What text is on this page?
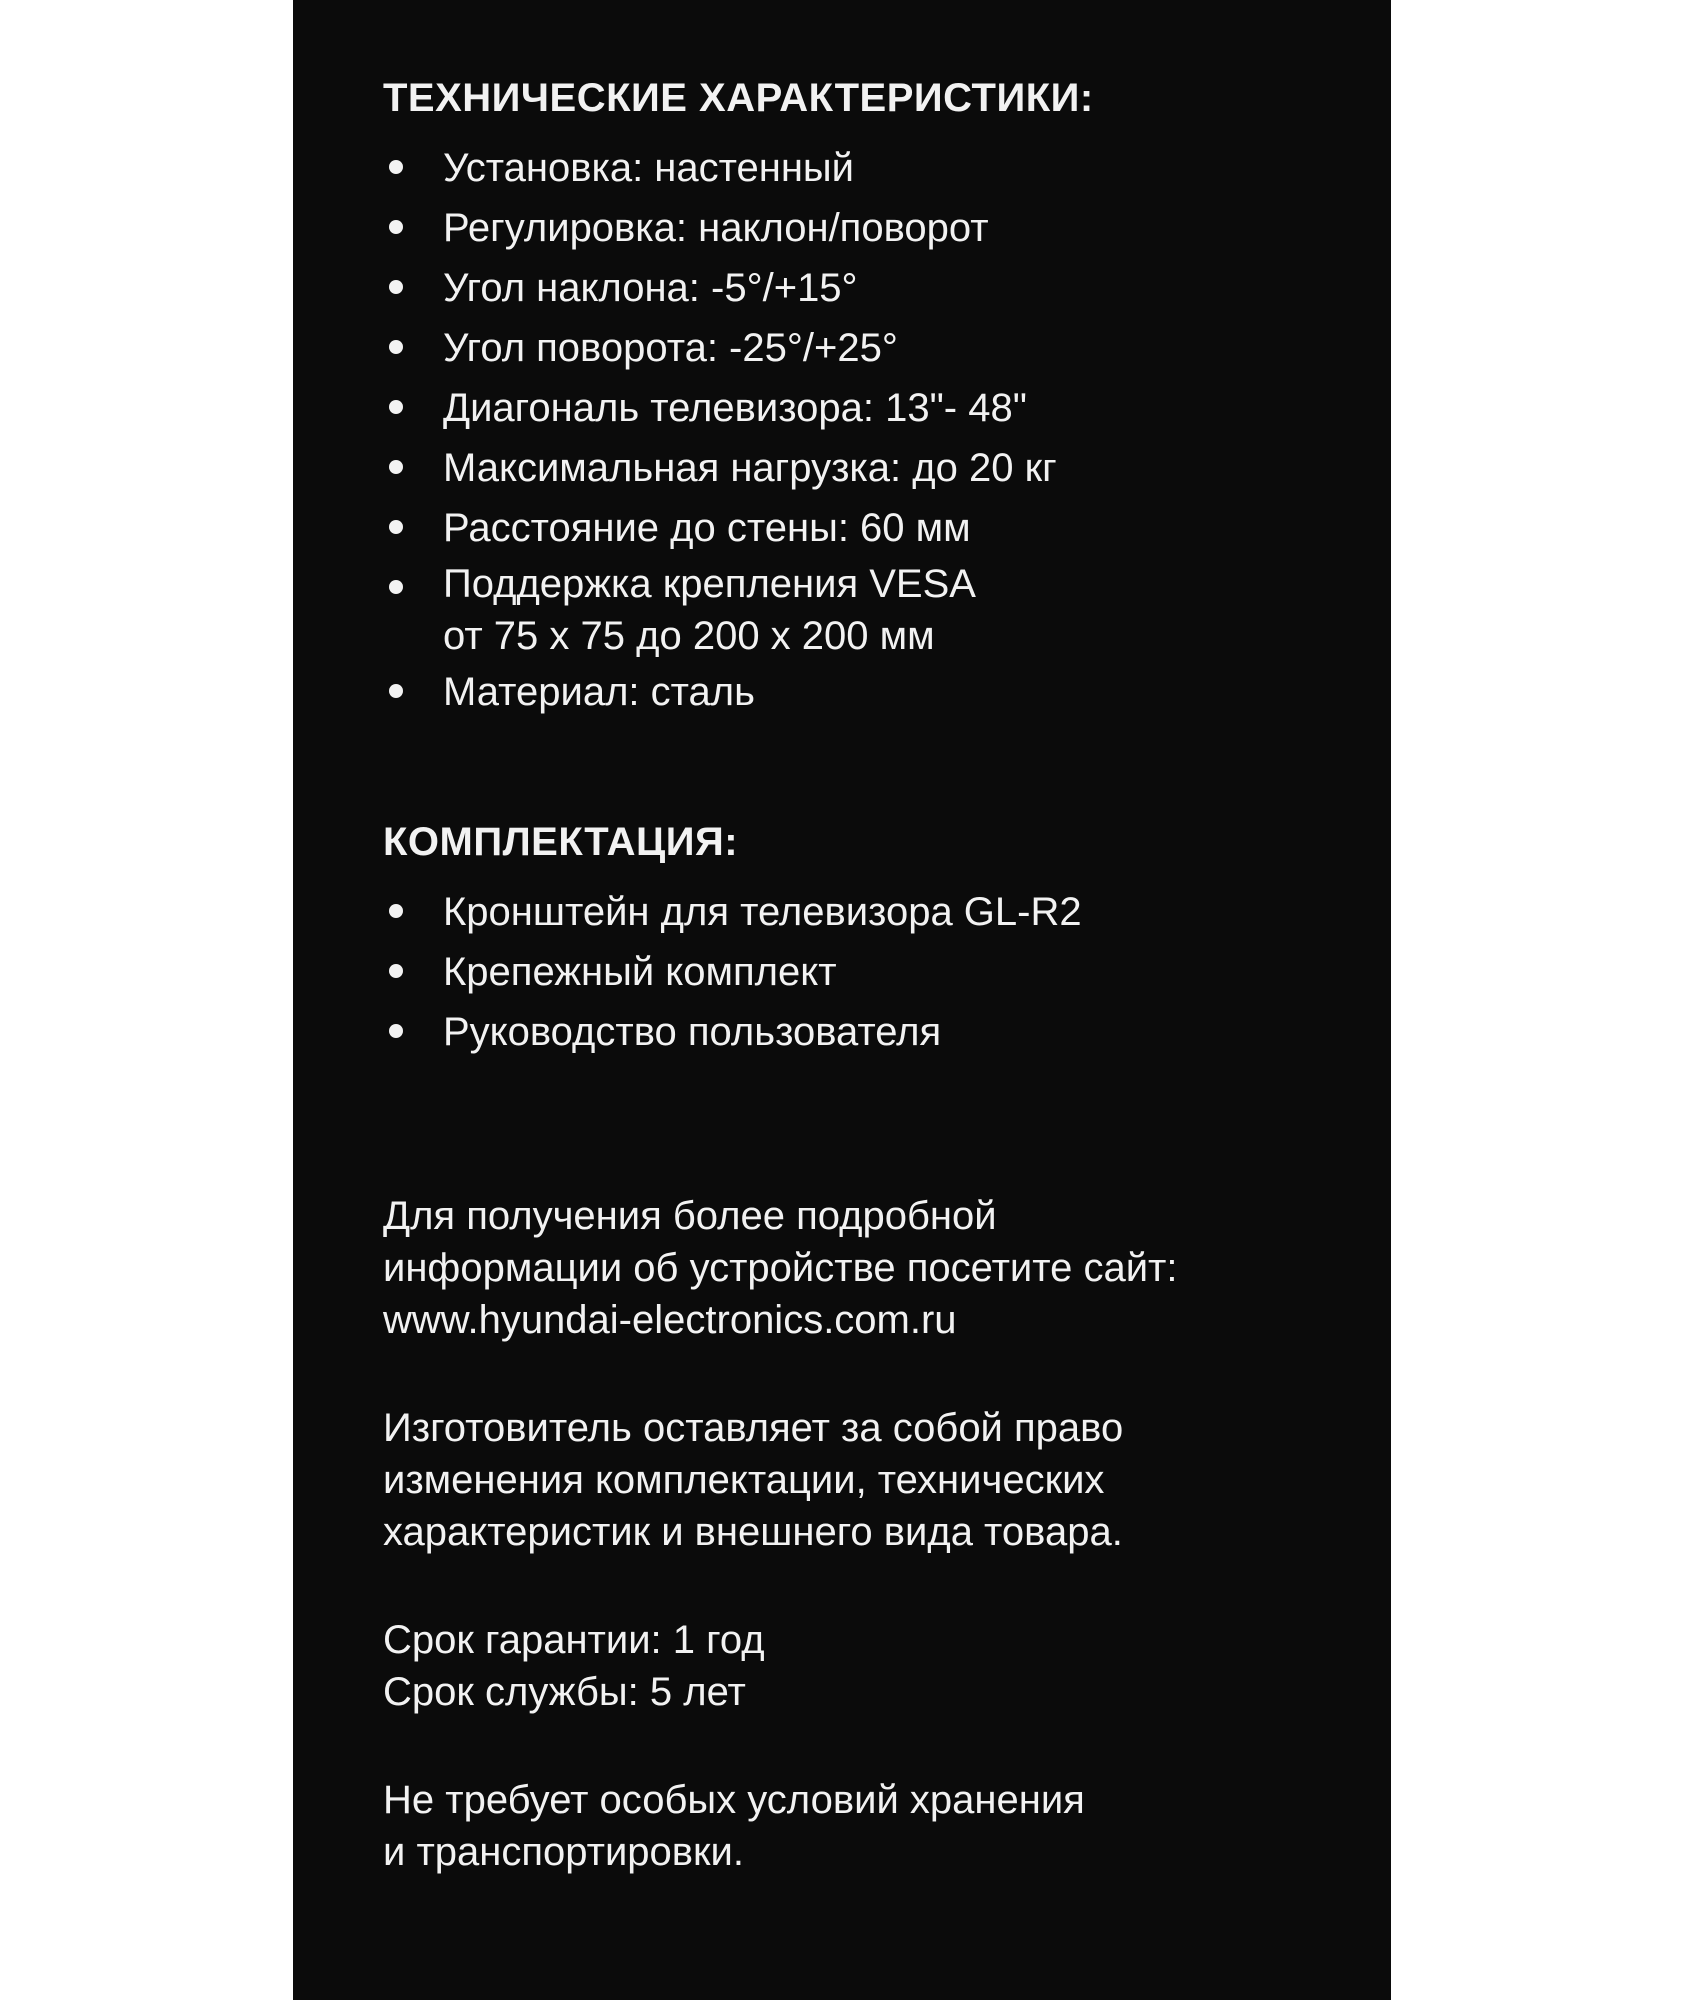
ТЕХНИЧЕСКИЕ ХАРАКТЕРИСТИКИ:
Установка: настенный
Регулировка: наклон/поворот
Угол наклона: -5°/+15°
Угол поворота: -25°/+25°
Диагональ телевизора: 13"- 48"
Максимальная нагрузка: до 20 кг
Расстояние до стены: 60 мм
Поддержка крепления VESA
от 75 x 75 до 200 x 200 мм
Материал: сталь
КОМПЛЕКТАЦИЯ:
Кронштейн для телевизора GL-R2
Крепежный комплект
Руководство пользователя

Для получения более подробной
информации об устройстве посетите сайт:
www.hyundai-electronics.com.ru

Изготовитель оставляет за собой право
изменения комплектации, технических
характеристик и внешнего вида товара.

Срок гарантии: 1 год
Срок службы: 5 лет

Не требует особых условий хранения
и транспортировки.
